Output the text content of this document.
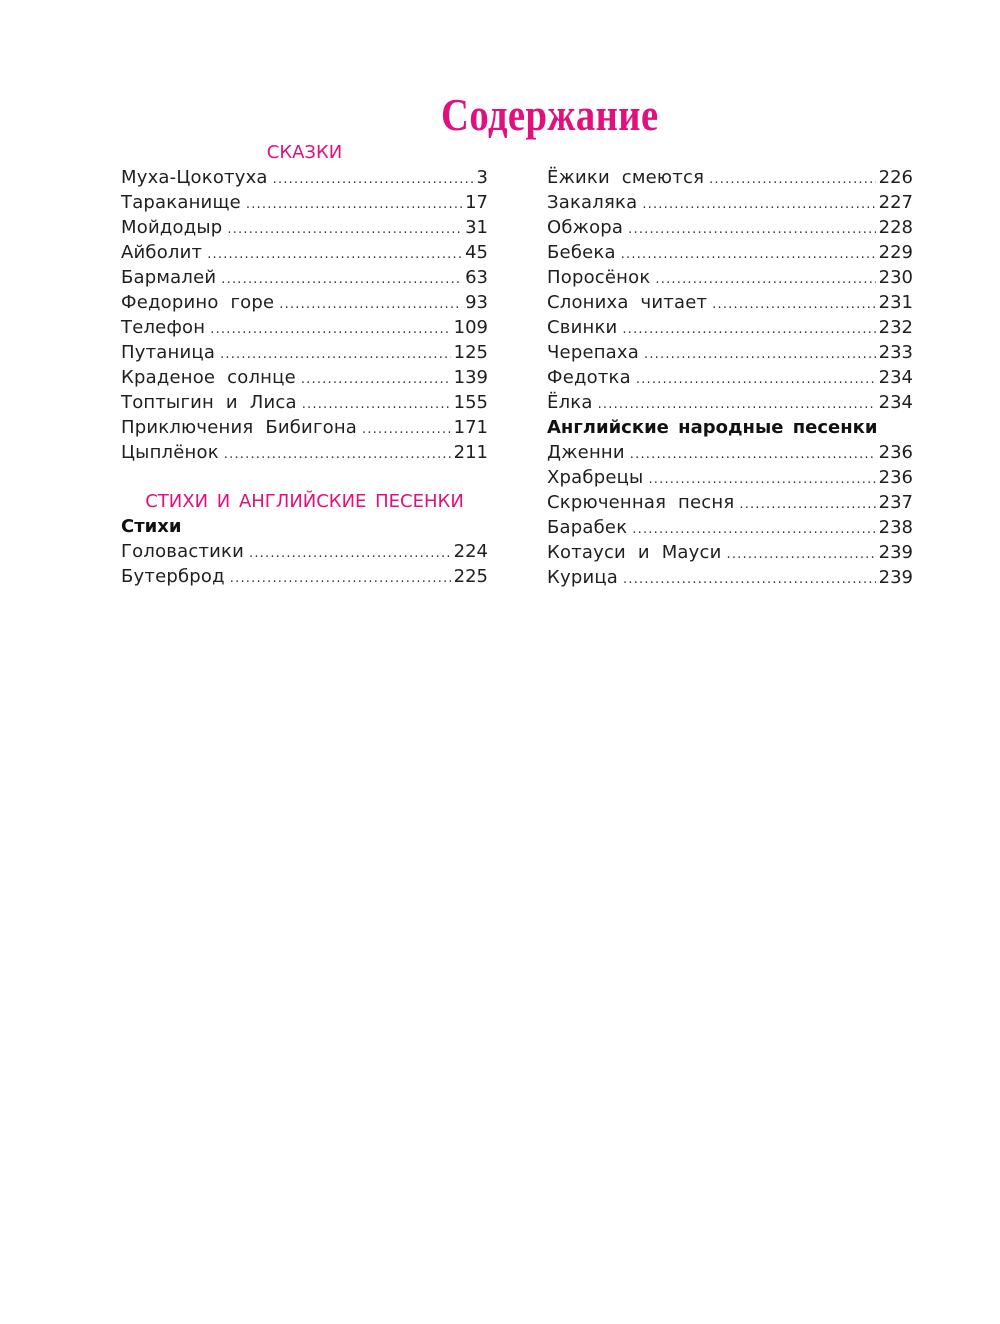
Содержание
СКАЗКИ
Муха-Цокотуха .....	3
Тараканище .....	17
Мойдодыр .....	31
Айболит .....	45
Бармалей .....	63
Федорино горе .....	93
Телефон .....	109
Путаница .....	125
Краденое солнце .....	139
Топтыгин и Лиса .....	155
Приключения Бибигона .....	171
Цыплёнок .....	211
СТИХИ И АНГЛИЙСКИЕ ПЕСЕНКИ
Стихи
Головастики .....	224
Бутерброд .....	225
Ёжики смеются .....	226
Закаляка .....	227
Обжора .....	228
Бебека .....	229
Поросёнок .....	230
Слониха читает .....	231
Свинки .....	232
Черепаха .....	233
Федотка .....	234
Ёлка .....	234
Английские народные песенки
Дженни .....	236
Храбрецы .....	236
Скрюченная песня .....	237
Барабек .....	238
Котауси и Мауси .....	239
Курица .....	239
